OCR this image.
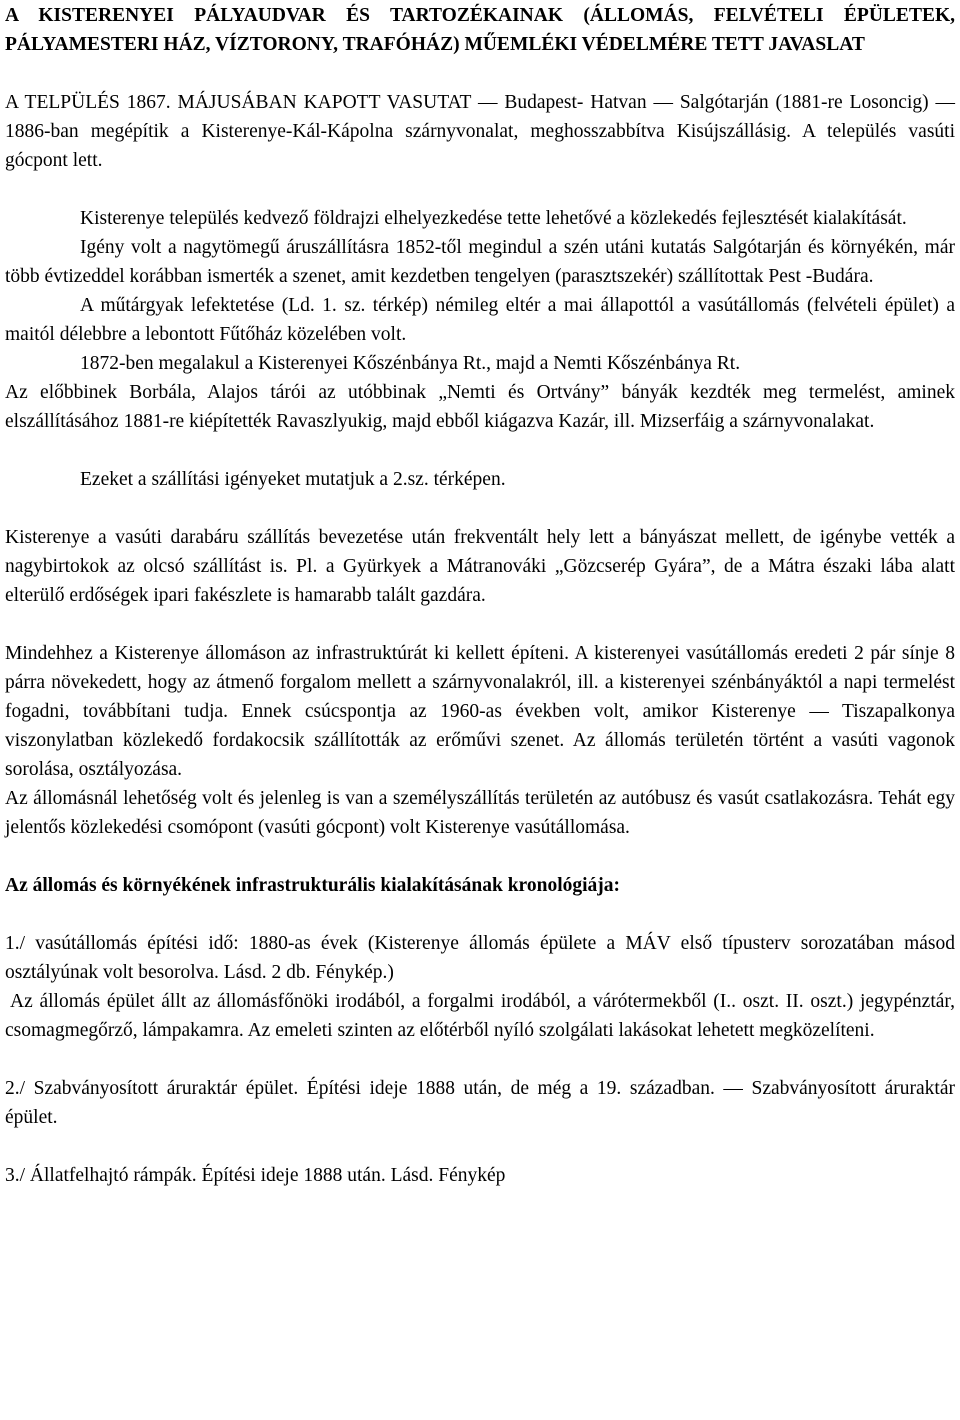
A KISTERENYEI PÁLYAUDVAR ÉS TARTOZÉKAINAK (ÁLLOMÁS, FELVÉTELI ÉPÜLETEK, PÁLYAMESTERI HÁZ, VÍZTORONY, TRAFÓHÁZ) MŰEMLÉKI VÉDELMÉRE TETT JAVASLAT

A TELPÜLÉS 1867. MÁJUSÁBAN KAPOTT VASUTAT ― Budapest- Hatvan ― Salgótarján (1881-re Losoncig) ― 1886-ban megépítik a Kisterenye-Kál-Kápolna szárnyvonalat, meghosszabbítva Kisújszállásig. A település vasúti gócpont lett.

Kisterenye település kedvező földrajzi elhelyezkedése tette lehetővé a közlekedés fejlesztését kialakítását.

Igény volt a nagytömegű áruszállításra 1852-től megindul a szén utáni kutatás Salgótarján és környékén, már több évtizeddel korábban ismerték a szenet, amit kezdetben tengelyen (parasztszekér) szállítottak Pest -Budára.

A műtárgyak lefektetése (Ld. 1. sz. térkép) némileg eltér a mai állapottól a vasútállomás (felvételi épület) a maitól délebbre a lebontott Fűtőház közelében volt.

1872-ben megalakul a Kisterenyei Kőszénbánya Rt., majd a Nemti Kőszénbánya Rt.

Az előbbinek Borbála, Alajos tárói az utóbbinak „Nemti és Ortvány” bányák kezdték meg termelést, aminek elszállításához 1881-re kiépítették Ravaszlyukig, majd ebből kiágazva Kazár, ill. Mizserfáig a szárnyvonalakat.

Ezeket a szállítási igényeket mutatjuk a 2.sz. térképen.

Kisterenye a vasúti darabáru szállítás bevezetése után frekventált hely lett a bányászat mellett, de igénybe vették a nagybirtokok az olcsó szállítást is. Pl. a Gyürkyek a Mátranováki „Gözcserép Gyára”, de a Mátra északi lába alatt elterülő erdőségek ipari fakészlete is hamarabb talált gazdára.

Mindehhez a Kisterenye állomáson az infrastruktúrát ki kellett építeni. A kisterenyei vasútállomás eredeti 2 pár sínje 8 párra növekedett, hogy az átmenő forgalom mellett a szárnyvonalakról, ill. a kisterenyei szénbányáktól a napi termelést fogadni, továbbítani tudja. Ennek csúcspontja az 1960-as években volt, amikor Kisterenye ― Tiszapalkonya viszonylatban közlekedő fordakocsik szállították az erőművi szenet. Az állomás területén történt a vasúti vagonok sorolása, osztályozása.

Az állomásnál lehetőség volt és jelenleg is van a személyszállítás területén az autóbusz és vasút csatlakozásra. Tehát egy jelentős közlekedési csomópont (vasúti gócpont) volt Kisterenye vasútállomása.

Az állomás és környékének infrastrukturális kialakításának kronológiája:

1./ vasútállomás építési idő: 1880-as évek (Kisterenye állomás épülete a MÁV első típusterv sorozatában másod osztályúnak volt besorolva. Lásd. 2 db. Fénykép.)

Az állomás épület állt az állomásfőnöki irodából, a forgalmi irodából, a várótermekből (I.. oszt. II. oszt.) jegypénztár, csomagmegőrző, lámpakamra. Az emeleti szinten az előtérből nyíló szolgálati lakásokat lehetett megközelíteni.

2./ Szabványosított áruraktár épület. Építési ideje 1888 után, de még a 19. században. ― Szabványosított áruraktár épület.

3./ Állatfelhajtó rámpák. Építési ideje 1888 után. Lásd. Fénykép
